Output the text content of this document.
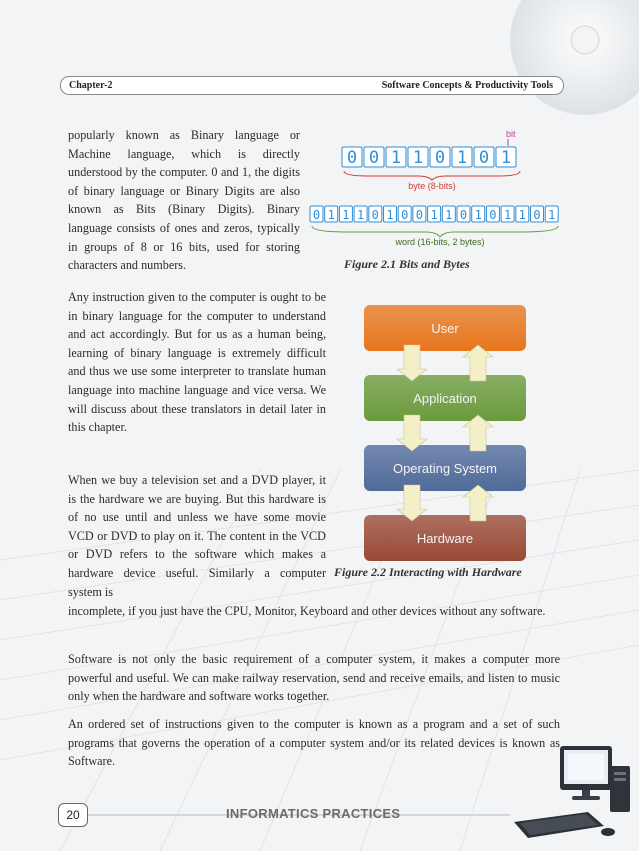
Chapter-2	Software Concepts & Productivity Tools

popularly known as Binary language or Machine language, which is directly understood by the computer. 0 and 1, the digits of binary language or Binary Digits are also known as Bits (Binary Digits). Binary language consists of ones and zeros, typically in groups of 8 or 16 bits, used for storing characters and numbers.

Any instruction given to the computer is ought to be in binary language for the computer to understand and act accordingly. But for us as a human being, learning of binary language is extremely difficult and thus we use some interpreter to translate human language into machine language and vice versa. We will discuss about these translators in detail later in this chapter.

When we buy a television set and a DVD player, it is the hardware we are buying. But this hardware is of no use until and unless we have some movie VCD or DVD to play on it. The content in the VCD or DVD refers to the software which makes a hardware device useful. Similarly a computer system is

incomplete, if you just have the CPU, Monitor, Keyboard and other devices without any software.

Software is not only the basic requirement of a computer system, it makes a computer more powerful and useful. We can make railway reservation, send and receive emails, and listen to music only when the hardware and software works together.

An ordered set of instructions given to the computer is known as a program and a set of such programs that governs the operation of a computer system and/or its related devices is known as Software.

bit
0 0 1 1 0 1 0 1
byte (8-bits)
0 1 1 1 0 1 0 0 1 1 0 1 0 1 1 0 1
word (16-bits, 2 bytes)
Figure 2.1 Bits and Bytes
User
Application
Operating System
Hardware
Figure 2.2 Interacting with Hardware
20	INFORMATICS PRACTICES
